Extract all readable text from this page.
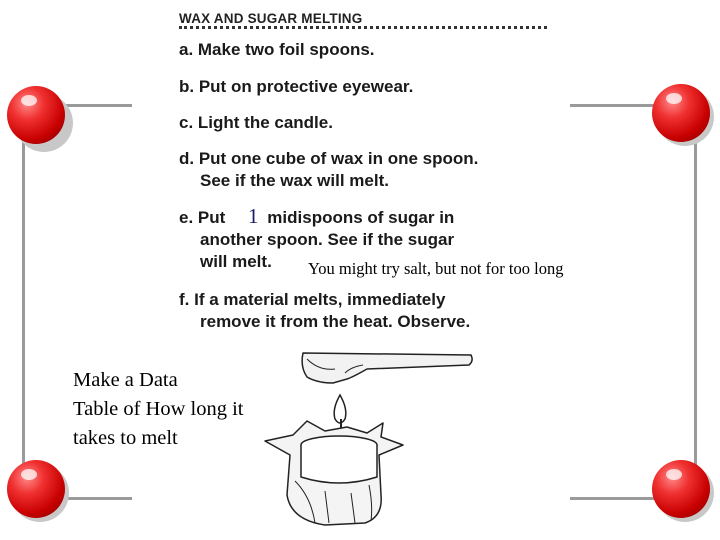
WAX AND SUGAR MELTING
a. Make two foil spoons.
b. Put on protective eyewear.
c. Light the candle.
d. Put one cube of wax in one spoon.
See if the wax will melt.
e. Put midispoons of sugar in
another spoon. See if the sugar
will melt.
1
f. If a material melts, immediately
remove it from the heat. Observe.
You might try salt, but not for too long
Make a Data
Table of How long it
takes to melt
